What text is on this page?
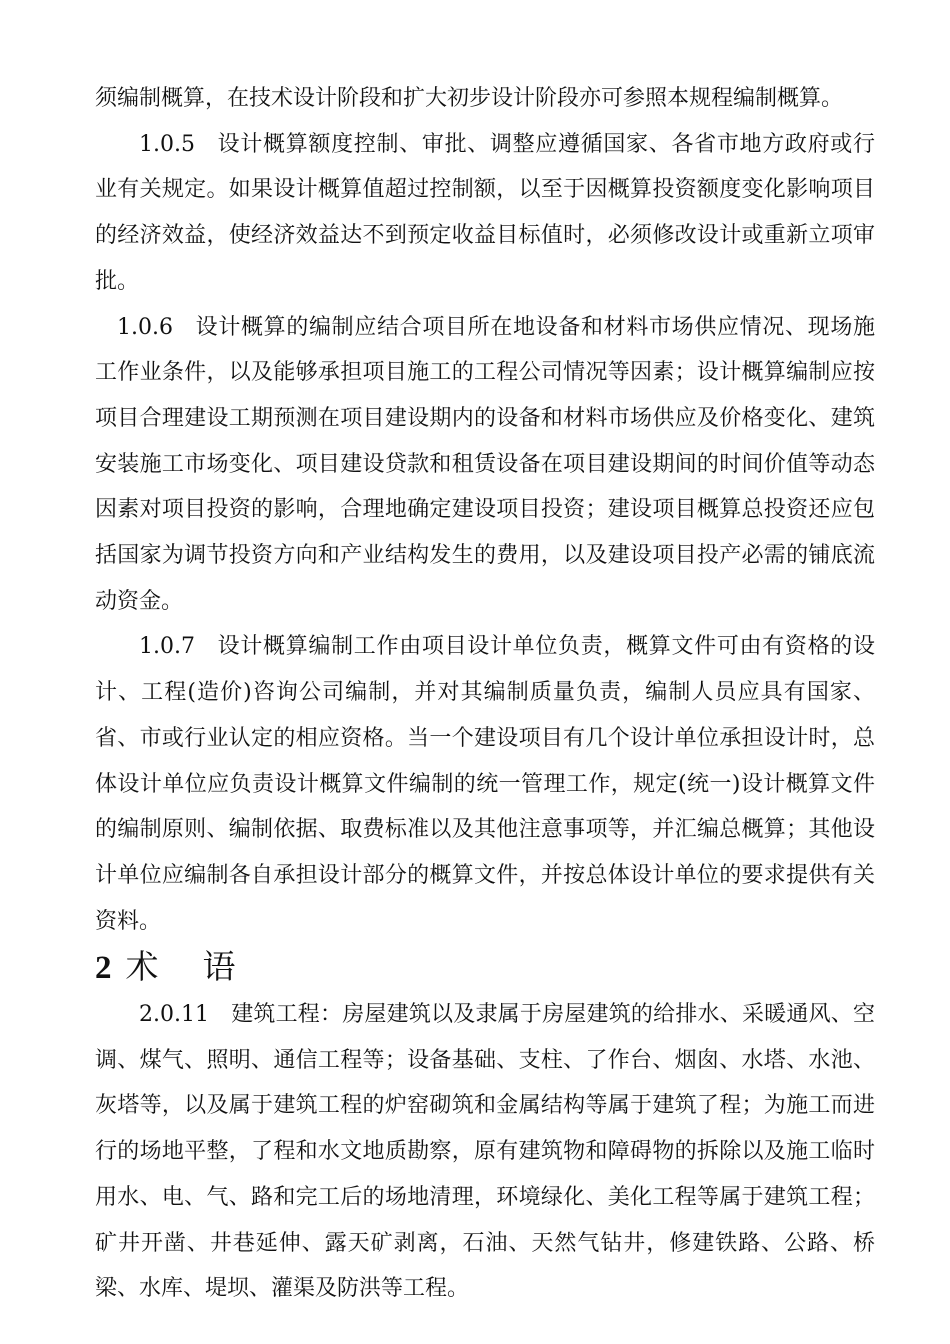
须编制概算，在技术设计阶段和扩大初步设计阶段亦可参照本规程编制概算。

1.0.5 设计概算额度控制、审批、调整应遵循国家、各省市地方政府或行业有关规定。如果设计概算值超过控制额，以至于因概算投资额度变化影响项目的经济效益，使经济效益达不到预定收益目标值时，必须修改设计或重新立项审批。

1.0.6 设计概算的编制应结合项目所在地设备和材料市场供应情况、现场施工作业条件，以及能够承担项目施工的工程公司情况等因素；设计概算编制应按项目合理建设工期预测在项目建设期内的设备和材料市场供应及价格变化、建筑安装施工市场变化、项目建设贷款和租赁设备在项目建设期间的时间价值等动态因素对项目投资的影响，合理地确定建设项目投资；建设项目概算总投资还应包括国家为调节投资方向和产业结构发生的费用，以及建设项目投产必需的铺底流动资金。

1.0.7 设计概算编制工作由项目设计单位负责，概算文件可由有资格的设计、工程(造价)咨询公司编制，并对其编制质量负责，编制人员应具有国家、省、市或行业认定的相应资格。当一个建设项目有几个设计单位承担设计时，总体设计单位应负责设计概算文件编制的统一管理工作，规定(统一)设计概算文件的编制原则、编制依据、取费标准以及其他注意事项等，并汇编总概算；其他设计单位应编制各自承担设计部分的概算文件，并按总体设计单位的要求提供有关资料。

2 术语

2.0.11 建筑工程：房屋建筑以及隶属于房屋建筑的给排水、采暖通风、空调、煤气、照明、通信工程等；设备基础、支柱、了作台、烟囱、水塔、水池、灰塔等，以及属于建筑工程的炉窑砌筑和金属结构等属于建筑了程；为施工而进行的场地平整，了程和水文地质勘察，原有建筑物和障碍物的拆除以及施工临时用水、电、气、路和完工后的场地清理，环境绿化、美化工程等属于建筑工程；矿井开凿、井巷延伸、露天矿剥离，石油、天然气钻井，修建铁路、公路、桥梁、水库、堤坝、灌渠及防洪等工程。
